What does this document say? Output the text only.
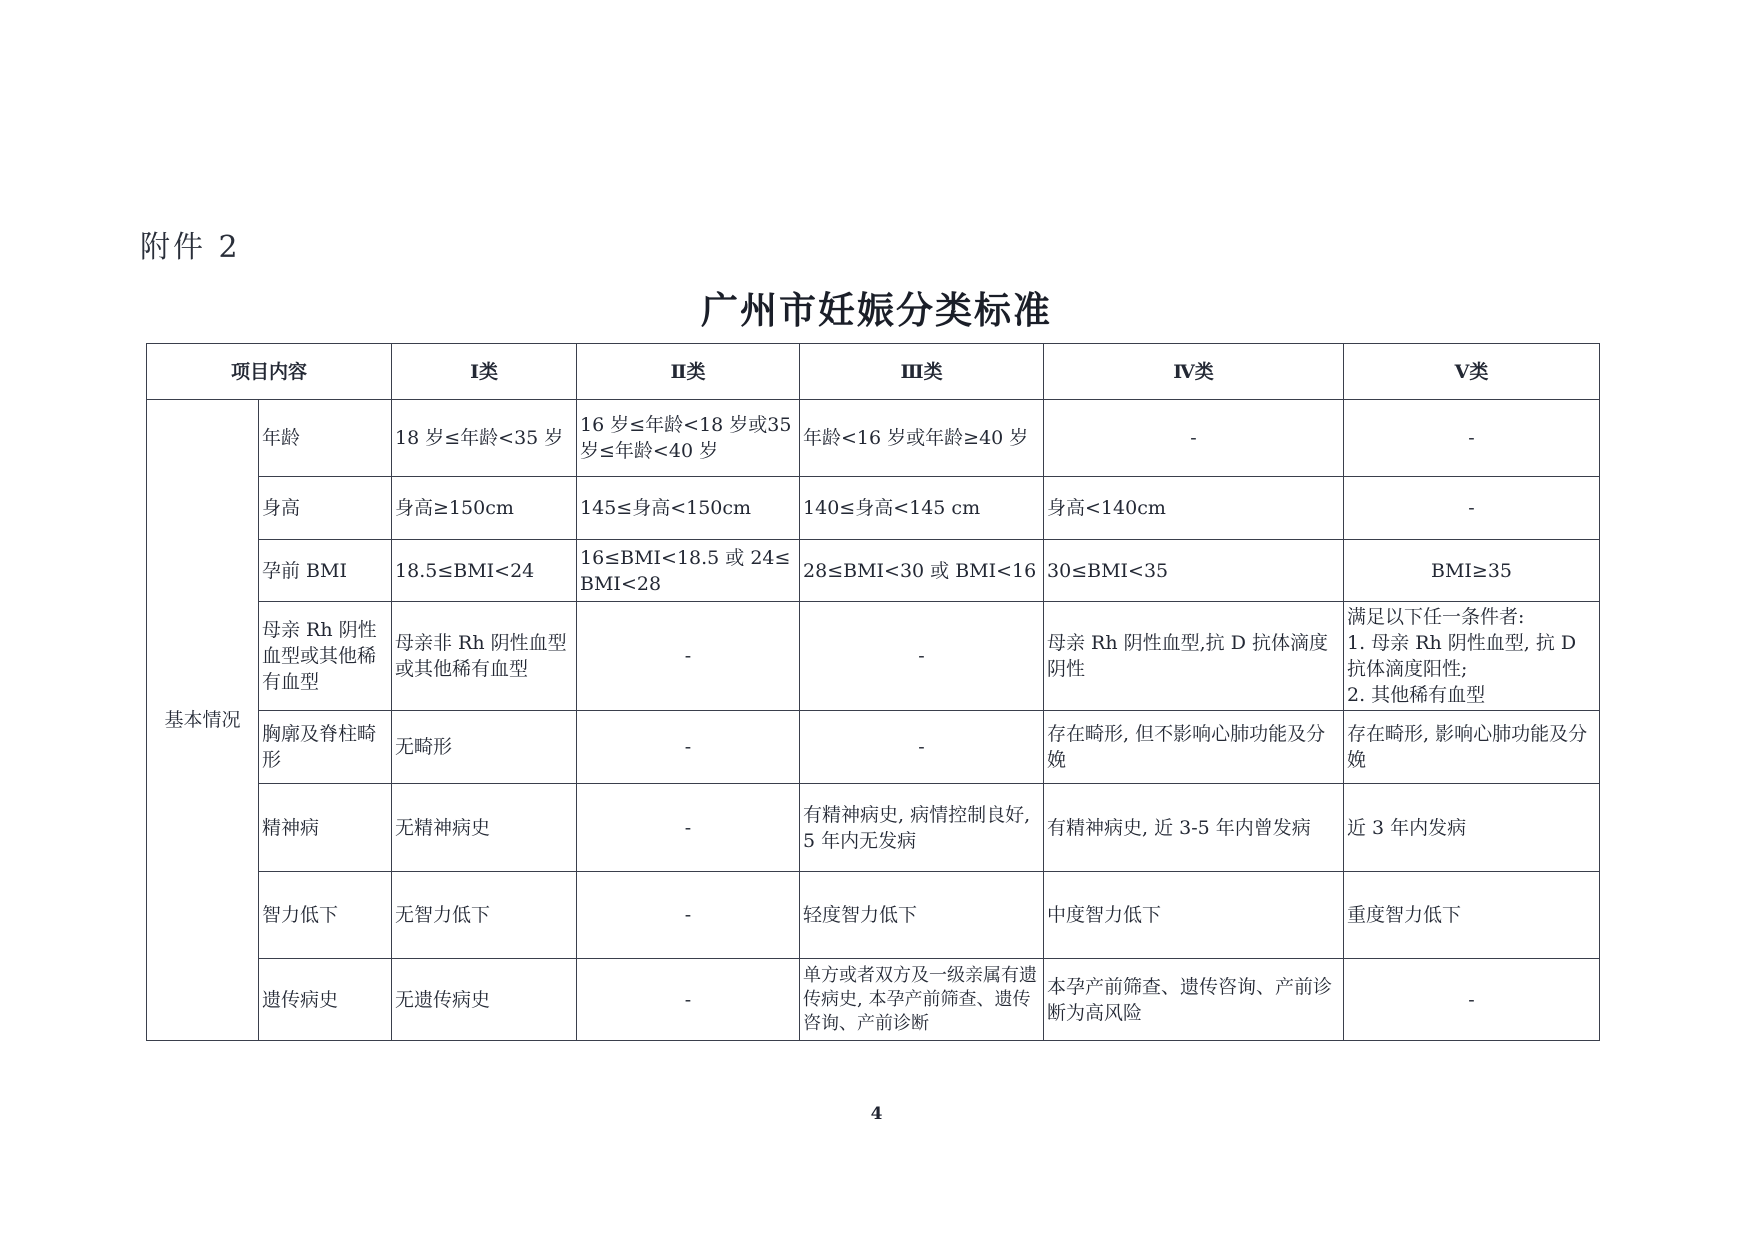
附件 2
广州市妊娠分类标准
项目内容		Ⅰ类	Ⅱ类	Ⅲ类	Ⅳ类	Ⅴ类
基本情况	年龄	18 岁≤年龄<35 岁	16 岁≤年龄<18 岁或35岁≤年龄<40 岁	年龄<16 岁或年龄≥40 岁	-	-
	身高	身高≥150cm	145≤身高<150cm	140≤身高<145 cm	身高<140cm	-
	孕前 BMI	18.5≤BMI<24	16≤BMI<18.5 或 24≤BMI<28	28≤BMI<30 或 BMI<16	30≤BMI<35	BMI≥35
	母亲 Rh 阴性血型或其他稀有血型	母亲非 Rh 阴性血型或其他稀有血型	-	-	母亲 Rh 阴性血型,抗 D 抗体滴度阴性	满足以下任一条件者:
1. 母亲 Rh 阴性血型, 抗 D 抗体滴度阳性;
2. 其他稀有血型
	胸廓及脊柱畸形	无畸形	-	-	存在畸形, 但不影响心肺功能及分娩	存在畸形, 影响心肺功能及分娩
	精神病	无精神病史	-	有精神病史, 病情控制良好, 5 年内无发病	有精神病史, 近 3-5 年内曾发病	近 3 年内发病
	智力低下	无智力低下	-	轻度智力低下	中度智力低下	重度智力低下
	遗传病史	无遗传病史	-	单方或者双方及一级亲属有遗传病史, 本孕产前筛查、遗传咨询、产前诊断	本孕产前筛查、遗传咨询、产前诊断为高风险	-
4
